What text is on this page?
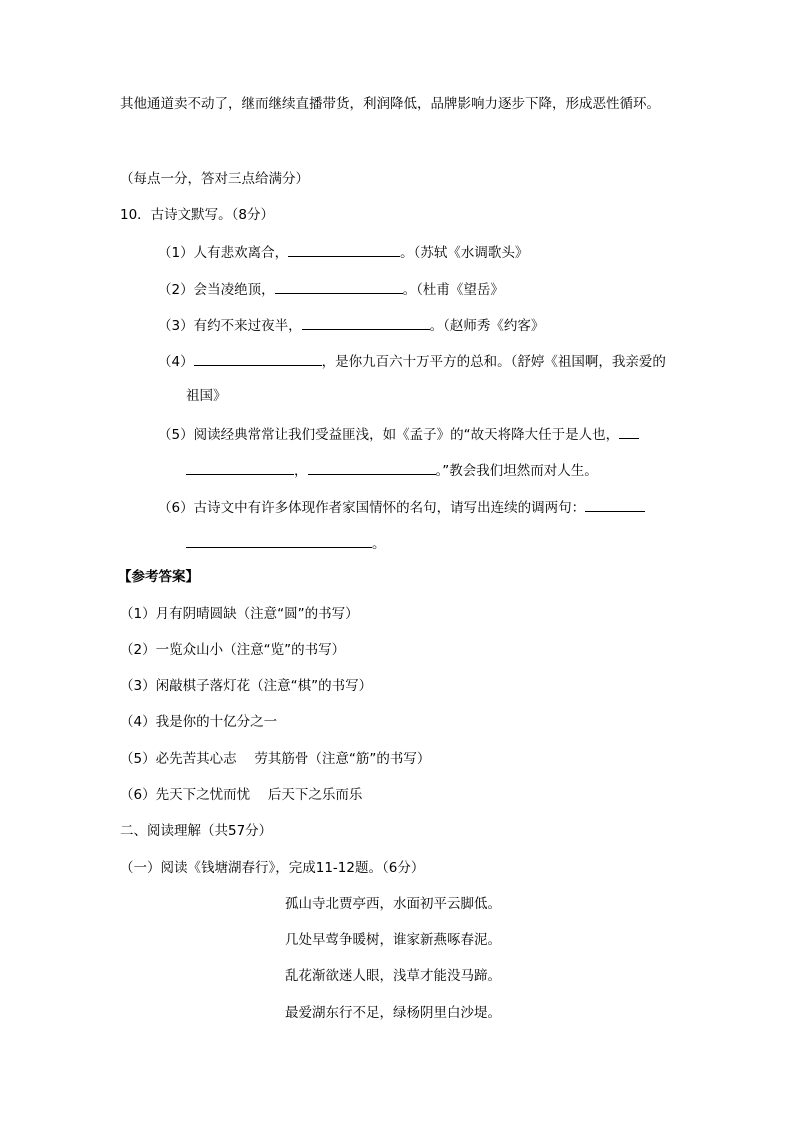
其他通道卖不动了，继而继续直播带货，利润降低，品牌影响力逐步下降，形成恶性循环。
（每点一分，答对三点给满分）
10．古诗文默写。（8分）
（1）人有悲欢离合，	。（苏轼《水调歌头》
（2）会当凌绝顶，	。（杜甫《望岳》
（3）有约不来过夜半，	。（赵师秀《约客》
（4）	，是你九百六十万平方的总和。（舒婷《祖国啊，我亲爱的
祖国》
（5）阅读经典常常让我们受益匪浅，如《孟子》的“故天将降大任于是人也，
，	。”教会我们坦然而对人生。
（6）古诗文中有许多体现作者家国情怀的名句，请写出连续的调两句：
。
【参考答案】
（1）月有阴晴圆缺（注意“圆”的书写）
（2）一览众山小（注意“览”的书写）
（3）闲敲棋子落灯花（注意“棋”的书写）
（4）我是你的十亿分之一
（5）必先苦其心志　 劳其筋骨（注意“筋”的书写）
（6）先天下之忧而忧　 后天下之乐而乐
二、阅读理解（共57分）
（一）阅读《钱塘湖春行》，完成11-12题。（6分）
孤山寺北贾亭西，水面初平云脚低。
几处早莺争暖树，谁家新燕啄春泥。
乱花渐欲迷人眼，浅草才能没马蹄。
最爱湖东行不足，绿杨阴里白沙堤。
